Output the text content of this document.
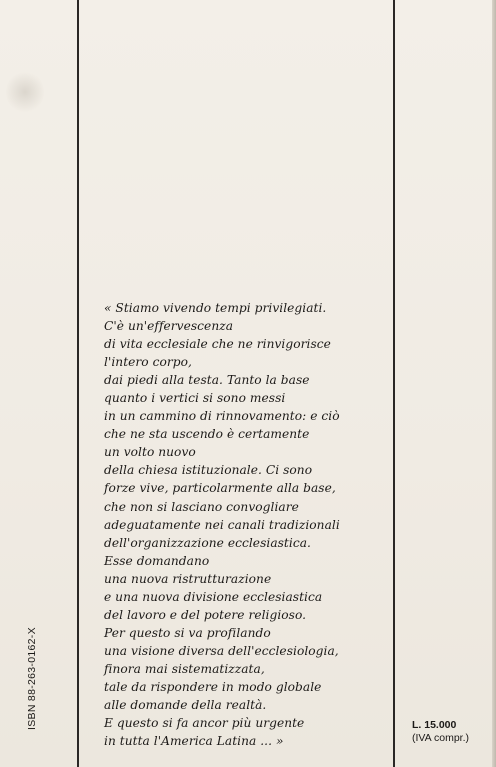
« Stiamo vivendo tempi privilegiati.
C'è un'effervescenza
di vita ecclesiale che ne rinvigorisce
l'intero corpo,
dai piedi alla testa. Tanto la base
quanto i vertici si sono messi
in un cammino di rinnovamento: e ciò
che ne sta uscendo è certamente
un volto nuovo
della chiesa istituzionale. Ci sono
forze vive, particolarmente alla base,
che non si lasciano convogliare
adeguatamente nei canali tradizionali
dell'organizzazione ecclesiastica.
Esse domandano
una nuova ristrutturazione
e una nuova divisione ecclesiastica
del lavoro e del potere religioso.
Per questo si va profilando
una visione diversa dell'ecclesiologia,
finora mai sistematizzata,
tale da rispondere in modo globale
alle domande della realtà.
E questo si fa ancor più urgente
in tutta l'America Latina ... »
ISBN 88-263-0162-X	L. 15.000
(IVA compr.)
